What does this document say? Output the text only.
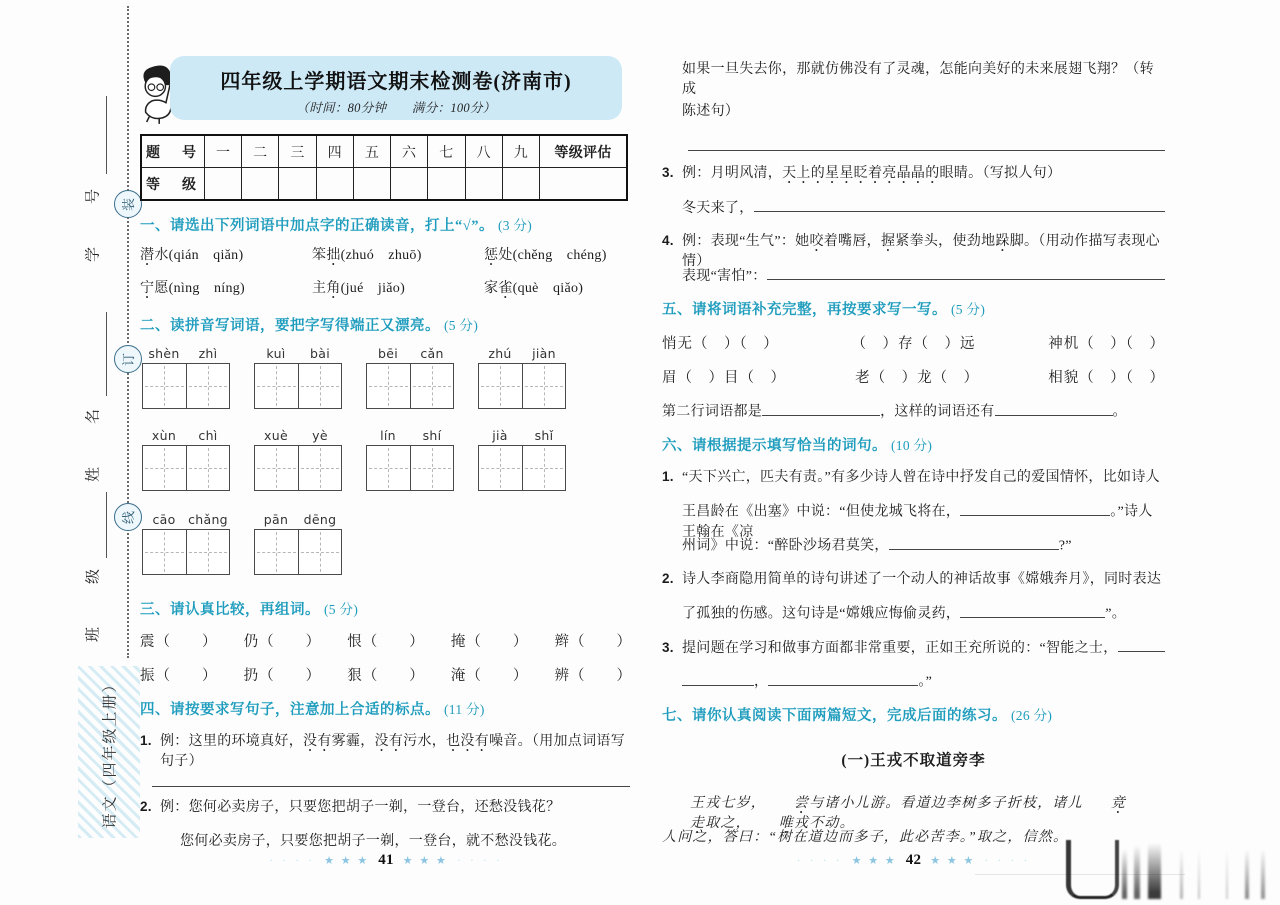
装
订
线
学　号
姓　名
班　级
语文（四年级上册）
四年级上学期语文期末检测卷(济南市)
（时间：80分钟　　满分：100分）
题　号	一	二	三	四	五	六	七	八	九	等级评估
等　级										
一、请选出下列词语中加点字的正确读音，打上“√”。 (3 分)
潜水(qián　qiǎn)	笨拙(zhuó　zhuō)	惩处(chěng　chéng)
宁愿(nìng　níng)	主角(jué　jiǎo)	家雀(què　qiǎo)
二、读拼音写词语，要把字写得端正又漂亮。 (5 分)
shèn	zhì	kuì	bài	bēi	cǎn	zhú	jiàn
xùn	chì	xuè	yè	lín	shí	jià	shǐ
cāo	chǎng	pān	dēng
三、请认真比较，再组词。 (5 分)
震（　　） 仍（　　） 恨（　　） 掩（　　） 辫（　　）
振（　　） 扔（　　） 狠（　　） 淹（　　） 辨（　　）
四、请按要求写句子，注意加上合适的标点。 (11 分)
1. 例：这里的环境真好，没有雾霾，没有污水，也没有噪音。（用加点词语写句子）
2. 例：您何必卖房子，只要您把胡子一剃，一登台，还愁没钱花？
您何必卖房子，只要您把胡子一剃，一登台，就不愁没钱花。
· · · · ★ ★ ★ 41 ★ ★ ★ · · · ·
如果一旦失去你，那就仿佛没有了灵魂，怎能向美好的未来展翅飞翔？（转成
陈述句）
3. 例：月明风清，天上的星星眨着亮晶晶的眼睛。（写拟人句）
冬天来了，
4. 例：表现“生气”：她咬着嘴唇，握紧拳头，使劲地跺脚。（用动作描写表现心情）
表现“害怕”：
五、请将词语补充完整，再按要求写一写。 (5 分)
悄无（　）（　）	（　）存（　）远	神机（　）（　）
眉（　）目（　）	老（　）龙（　）	相貌（　）（　）
第二行词语都是	，这样的词语还有	。
六、请根据提示填写恰当的词句。 (10 分)
1. “天下兴亡，匹夫有责。”有多少诗人曾在诗中抒发自己的爱国情怀，比如诗人
王昌龄在《出塞》中说：“但使龙城飞将在，	。”诗人王翰在《凉
州词》中说：“醉卧沙场君莫笑，	?”
2. 诗人李商隐用简单的诗句讲述了一个动人的神话故事《嫦娥奔月》，同时表达
了孤独的伤感。这句诗是“嫦娥应悔偷灵药，	”。
3. 提问题在学习和做事方面都非常重要，正如王充所说的：“智能之士，
，	。”
七、请你认真阅读下面两篇短文，完成后面的练习。 (26 分)
(一)王戎不取道旁李
王戎七岁， 尝与诸小儿游。看道边李树多子折枝，诸儿 竞走取之， 唯戎不动。
人问之，答曰：“树在道边而多子，此必苦李。”取之，信然。
· · · · ★ ★ ★ 42 ★ ★ ★ · · · ·
